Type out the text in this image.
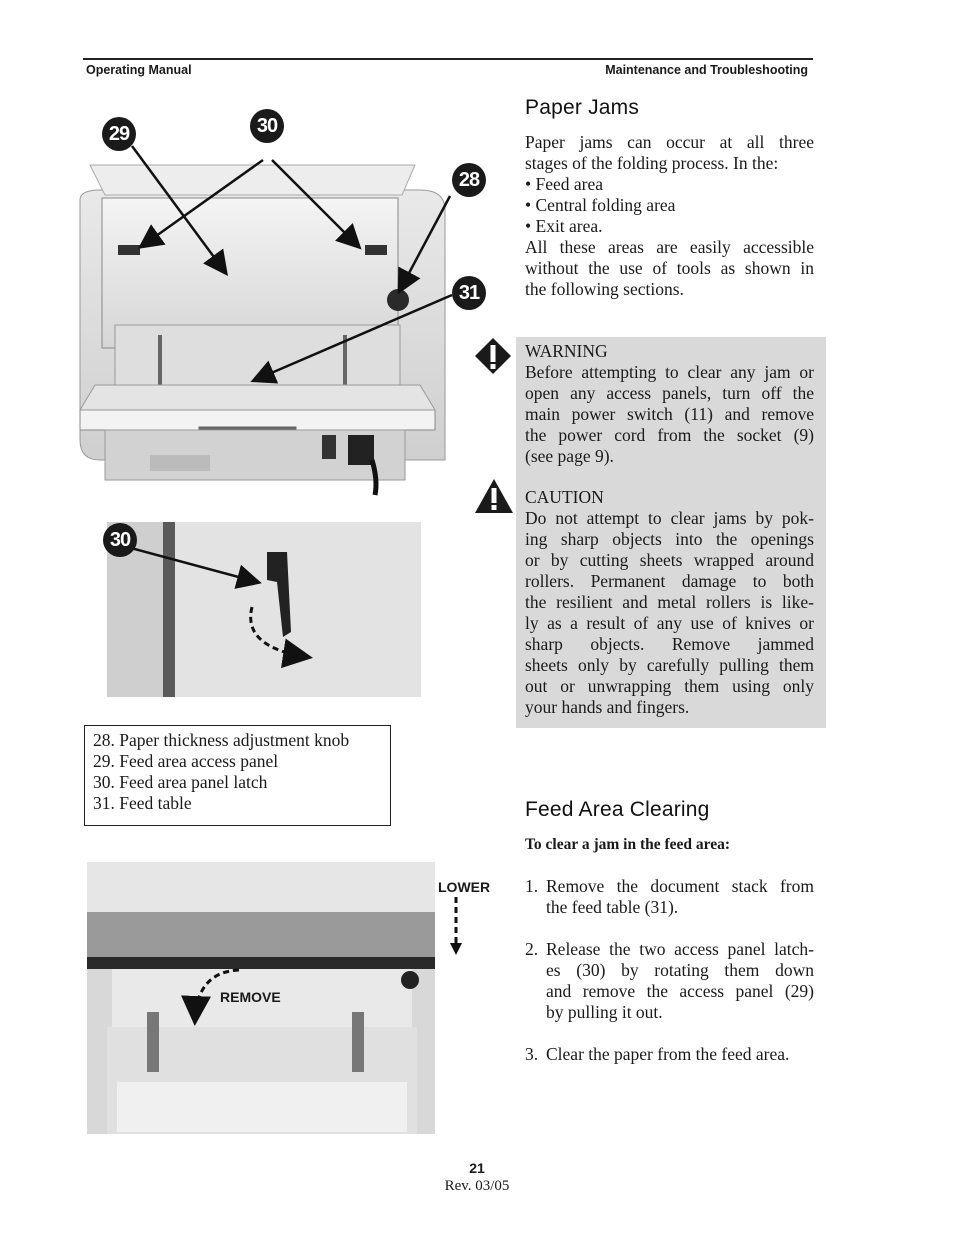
Operating Manual	Maintenance and Troubleshooting
29	30
28
31
30
28. Paper thickness adjustment knob
29. Feed area access panel
30. Feed area panel latch
31. Feed table
LOWER
REMOVE
Paper Jams
Paper jams can occur at all three
stages of the folding process. In the:
• Feed area
• Central folding area
• Exit area.
All these areas are easily accessible
without the use of tools as shown in
the following sections.
WARNING
Before attempting to clear any jam or
open any access panels, turn off the
main power switch (11) and remove
the power cord from the socket (9)
(see page 9).
CAUTION
Do not attempt to clear jams by pok-
ing sharp objects into the openings
or by cutting sheets wrapped around
rollers. Permanent damage to both
the resilient and metal rollers is like-
ly as a result of any use of knives or
sharp objects. Remove jammed
sheets only by carefully pulling them
out or unwrapping them using only
your hands and fingers.
Feed Area Clearing
To clear a jam in the feed area:
1. Remove the document stack from
the feed table (31).
2. Release the two access panel latch-
es (30) by rotating them down
and remove the access panel (29)
by pulling it out.
3. Clear the paper from the feed area.
21
Rev. 03/05
